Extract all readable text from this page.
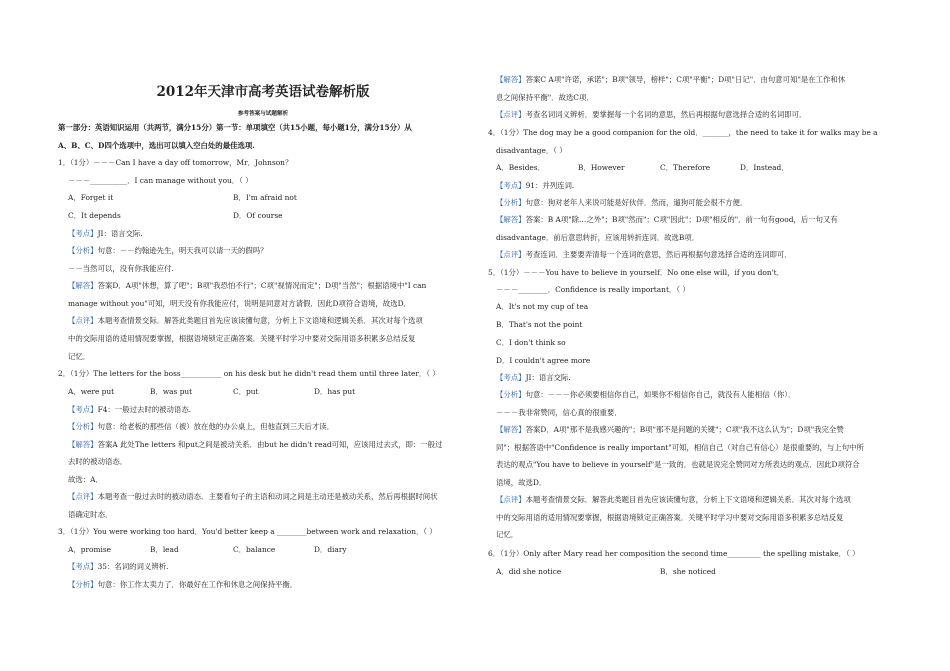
2012年天津市高考英语试卷解析版
参考答案与试题解析
第一部分：英语知识运用（共两节，满分15分）第一节：单项填空（共15小题，每小题1分，满分15分）从
A、B、C、D四个选项中，选出可以填入空白处的最佳选项.
1．（1分）－－－Can I have a day off tomorrow，Mr．Johnson？
－－－__________．I can manage without you．（ ）
A．Forget it	B．I'm afraid not
C．It depends	D．Of course
【考点】JI：语言交际.
【分析】句意：－－约翰逊先生，明天我可以请一天的假吗？
－－当然可以，没有你我能应付.
【解答】答案D．A项"休想，算了吧"；B项"我恐怕不行"；C项"视情况而定"；D项"当然"；根据语境中"I can
manage without you"可知，明天没有你我能应付，说明是同意对方请假．因此D项符合语境，故选D．
【点评】本题考查情景交际．解答此类题目首先应该读懂句意，分析上下文语境和逻辑关系．其次对每个选项
中的交际用语的适用情况要掌握，根据语境锁定正确答案．关键平时学习中要对交际用语多积累多总结反复
记忆．
2．（1分）The letters for the boss___________ on his desk but he didn't read them until three later．（ ）
A．were put	B．was put	C．put	D．has put
【考点】F4：一般过去时的被动语态.
【分析】句意：给老板的那些信（被）放在他的办公桌上，但他直到三天后才读．
【解答】答案A 此处The letters 和put之间是被动关系．由but he didn't read可知，应该用过去式，即：一般过
去时的被动语态．
故选：A．
【点评】本题考查一般过去时的被动语态．主要看句子的主语和动词之间是主动还是被动关系，然后再根据时间状
语确定时态．
3．（1分）You were working too hard．You'd better keep a ________between work and relaxation．（ ）
A．promise	B．lead	C．balance	D．diary
【考点】35：名词的词义辨析.
【分析】句意：你工作太卖力了．你最好在工作和休息之间保持平衡．
【解答】答案C A项"许诺，承诺"；B项"领导，榜样"；C项"平衡"；D项"日记"．由句意可知"是在工作和休
息之间保持平衡"．故选C项．
【点评】考查名词词义辨析．要掌握每一个名词的意思，然后再根据句意选择合适的名词即可．
4．（1分）The dog may be a good companion for the old．_______，the need to take it for walks may be a
disadvantage．（ ）
A．Besides．	B．However	C．Therefore	D．Instead．
【考点】91：并列连词.
【分析】句意：狗对老年人来说可能是好伙伴．然而，遛狗可能会很不方便．
【解答】答案：B A项"除…之外"；B项"然而"；C项"因此"；D项"相反的"．前一句有good，后一句又有
disadvantage．前后意思转折，应该用转折连词．故选B项．
【点评】考查连词．主要要弄清每一个连词的意思，然后再根据句意选择合适的连词即可．
5．（1分）－－－You have to believe in yourself．No one else will，if you don't．
－－－________．Confidence is really important．（ ）
A．It's not my cup of tea
B．That's not the point
C．I don't think so
D．I couldn't agree more
【考点】JI：语言交际.
【分析】句意：－－－你必须要相信你自己，如果你不相信你自己，就没有人能相信（你）．
－－－我非常赞同，信心真的很重要．
【解答】答案D．A项"那不是我感兴趣的"；B项"那不是问题的关键"；C项"我不这么认为"；D项"我完全赞
同"；根据答语中"Confidence is really important"可知，相信自己（对自己有信心）是很重要的，与上句中所
表达的观点"You have to believe in yourself"是一致的．也就是说完全赞同对方所表达的观点．因此D项符合
语境，故选D．
【点评】本题考查情景交际．解答此类题目首先应该读懂句意，分析上下文语境和逻辑关系．其次对每个选项
中的交际用语的适用情况要掌握，根据语境锁定正确答案．关键平时学习中要对交际用语多积累多总结反复
记忆．
6．（1分）Only after Mary read her composition the second time_________ the spelling mistake．（ ）
A．did she notice	B．she noticed
